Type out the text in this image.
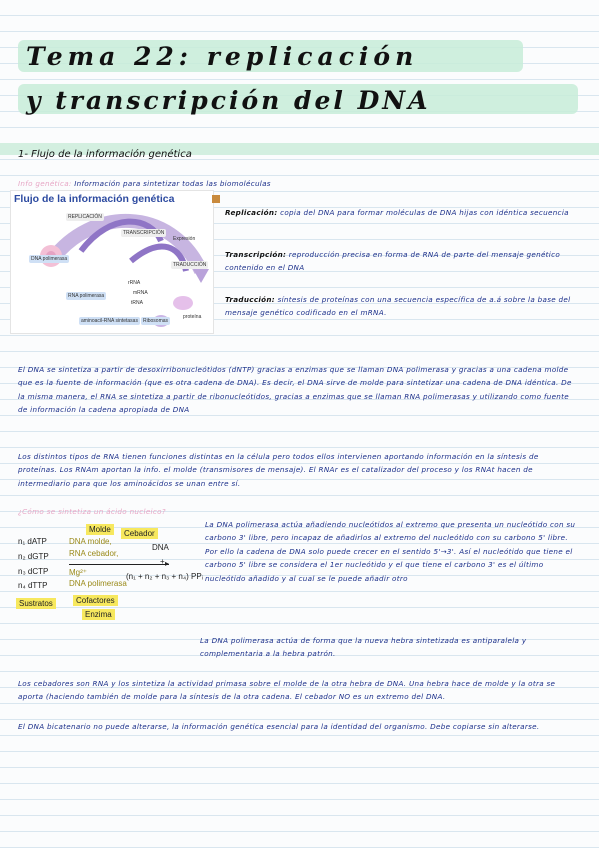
Tema 22: replicación
y transcripción del DNA
1- Flujo de la información genética
Info genética: Información para sintetizar todas las biomoléculas
Flujo de la información genética
REPLICACIÓN
TRANSCRIPCIÓN
Expresión
TRADUCCIÓN
DNA polimerasa
RNA polimerasa
rRNA
mRNA
tRNA
aminoacil-RNA sintetasas	Ribosomas
proteína
Replicación: copia del DNA para formar moléculas de DNA hijas con idéntica secuencia
Transcripción: reproducción precisa en forma de RNA de parte del mensaje genético contenido en el DNA
Traducción: síntesis de proteínas con una secuencia específica de a.á sobre la base del mensaje genético codificado en el mRNA.
El DNA se sintetiza a partir de desoxirribonucleótidos (dNTP) gracias a enzimas que se llaman DNA polimerasa y gracias a una cadena molde que es la fuente de información (que es otra cadena de DNA). Es decir, el DNA sirve de molde para sintetizar una cadena de DNA idéntica. De la misma manera, el RNA se sintetiza a partir de ribonucleótidos, gracias a enzimas que se llaman RNA polimerasas y utilizando como fuente de información la cadena apropiada de DNA
Los distintos tipos de RNA tienen funciones distintas en la célula pero todos ellos intervienen aportando información en la síntesis de proteínas. Los RNAm aportan la info. el molde (transmisores de mensaje). El RNAr es el catalizador del proceso y los RNAt hacen de intermediario para que los aminoácidos se unan entre sí.
¿Cómo se sintetiza un ácido nucleico?
n₁ dATP
n₂ dGTP
n₃ dCTP
n₄ dTTP
Molde	Cebador
DNA molde,
RNA cebador,
▸
Mg²⁺
DNA polimerasa
DNA
+
(n₁ + n₂ + n₃ + n₄) PPᵢ
Sustratos	Cofactores
Enzima
La DNA polimerasa actúa añadiendo nucleótidos al extremo que presenta un nucleótido con su carbono 3' libre, pero incapaz de añadirlos al extremo del nucleótido con su carbono 5' libre. Por ello la cadena de DNA solo puede crecer en el sentido 5'→3'. Así el nucleótido que tiene el carbono 5' libre se considera el 1er nucleótido y el que tiene el carbono 3' es el último nucleótido añadido y al cual se le puede añadir otro
La DNA polimerasa actúa de forma que la nueva hebra sintetizada es antiparalela y complementaria a la hebra patrón.
Los cebadores son RNA y los sintetiza la actividad primasa sobre el molde de la otra hebra de DNA. Una hebra hace de molde y la otra se aporta (haciendo también de molde para la síntesis de la otra cadena. El cebador NO es un extremo del DNA.
El DNA bicatenario no puede alterarse, la información genética esencial para la identidad del organismo. Debe copiarse sin alterarse.
